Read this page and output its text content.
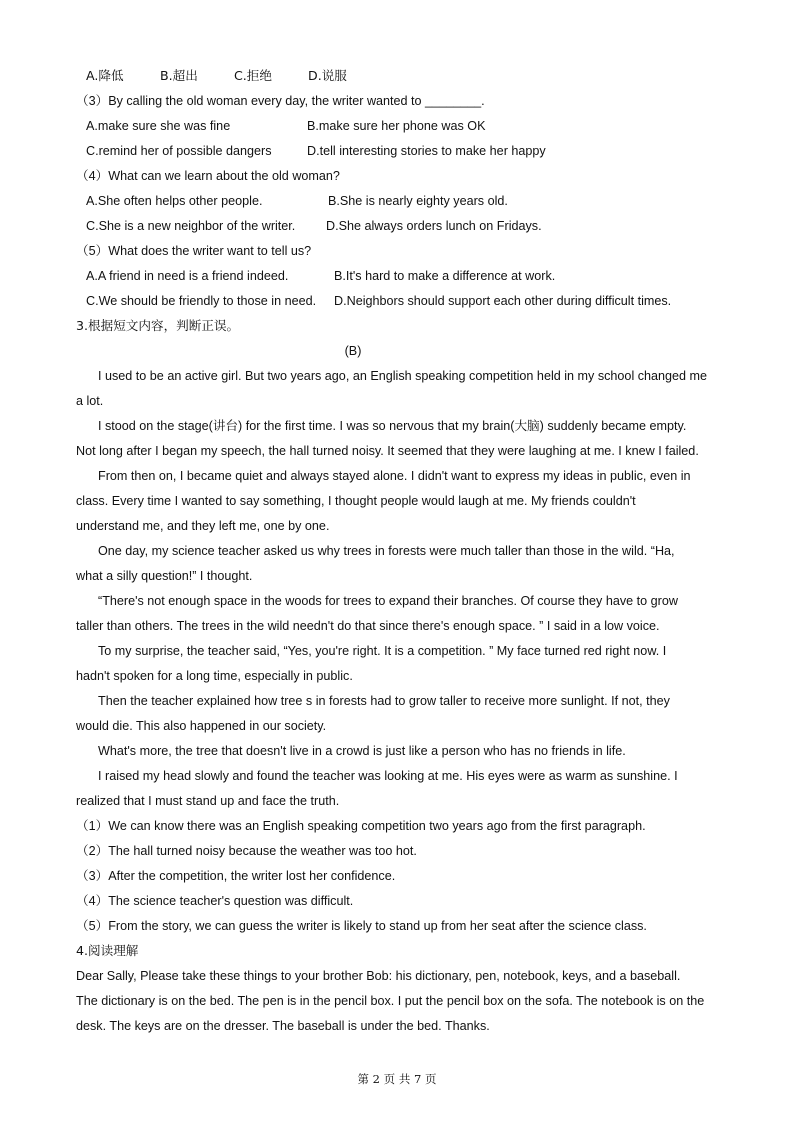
A.降低	B.超出	C.拒绝	D.说服
（3）By calling the old woman every day, the writer wanted to ________.
A.make sure she was fine	B.make sure her phone was OK
C.remind her of possible dangers	D.tell interesting stories to make her happy
（4）What can we learn about the old woman?
A.She often helps other people.	B.She is nearly eighty years old.
C.She is a new neighbor of the writer. D.She always orders lunch on Fridays.
（5）What does the writer want to tell us?
A.A friend in need is a friend indeed.	B.It's hard to make a difference at work.
C.We should be friendly to those in need. D.Neighbors should support each other during difficult times.
3.根据短文内容，判断正误。
(B)
I used to be an active girl. But two years ago, an English speaking competition held in my school changed me
a lot.
I stood on the stage(讲台) for the first time. I was so nervous that my brain(大脑) suddenly became empty.
Not long after I began my speech, the hall turned noisy. It seemed that they were laughing at me. I knew I failed.
From then on, I became quiet and always stayed alone. I didn't want to express my ideas in public, even in
class. Every time I wanted to say something, I thought people would laugh at me. My friends couldn't
understand me, and they left me, one by one.
One day, my science teacher asked us why trees in forests were much taller than those in the wild. “Ha,
what a silly question!” I thought.
“There's not enough space in the woods for trees to expand their branches. Of course they have to grow
taller than others. The trees in the wild needn't do that since there's enough space. ” I said in a low voice.
To my surprise, the teacher said, “Yes, you're right. It is a competition. ” My face turned red right now. I
hadn't spoken for a long time, especially in public.
Then the teacher explained how tree s in forests had to grow taller to receive more sunlight. If not, they
would die. This also happened in our society.
What's more, the tree that doesn't live in a crowd is just like a person who has no friends in life.
I raised my head slowly and found the teacher was looking at me. His eyes were as warm as sunshine. I
realized that I must stand up and face the truth.
（1）We can know there was an English speaking competition two years ago from the first paragraph.
（2）The hall turned noisy because the weather was too hot.
（3）After the competition, the writer lost her confidence.
（4）The science teacher's question was difficult.
（5）From the story, we can guess the writer is likely to stand up from her seat after the science class.
4.阅读理解
Dear Sally, Please take these things to your brother Bob: his dictionary, pen, notebook, keys, and a baseball.
The dictionary is on the bed. The pen is in the pencil box. I put the pencil box on the sofa. The notebook is on the
desk. The keys are on the dresser. The baseball is under the bed. Thanks.
第 2 页 共 7 页
